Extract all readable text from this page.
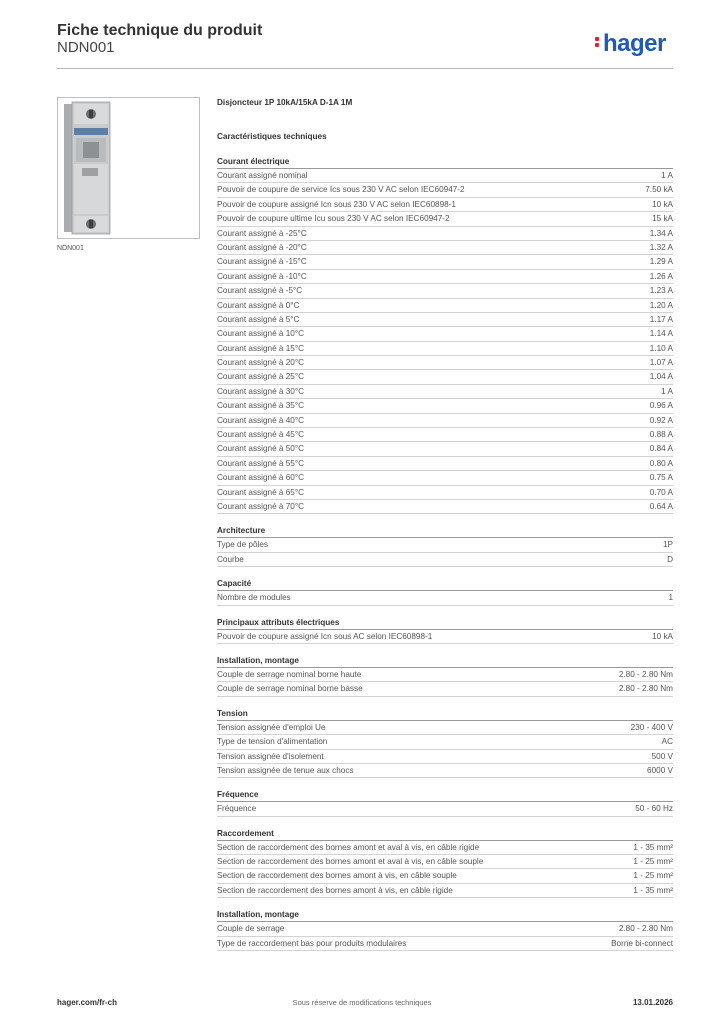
Fiche technique du produit
NDN001	hager
NDN001
Disjoncteur 1P 10kA/15kA D-1A 1M
Caractéristiques techniques
Courant électrique
Courant assigné nominal	1 A
Pouvoir de coupure de service Ics sous 230 V AC selon IEC60947-2	7.50 kA
Pouvoir de coupure assigné Icn sous 230 V AC selon IEC60898-1	10 kA
Pouvoir de coupure ultime Icu sous 230 V AC selon IEC60947-2	15 kA
Courant assigné à -25°C	1.34 A
Courant assigné à -20°C	1.32 A
Courant assigné à -15°C	1.29 A
Courant assigné à -10°C	1.26 A
Courant assigné à -5°C	1.23 A
Courant assigné à 0°C	1.20 A
Courant assigné à 5°C	1.17 A
Courant assigné à 10°C	1.14 A
Courant assigné à 15°C	1.10 A
Courant assigné à 20°C	1.07 A
Courant assigné à 25°C	1.04 A
Courant assigné à 30°C	1 A
Courant assigné à 35°C	0.96 A
Courant assigné à 40°C	0.92 A
Courant assigné à 45°C	0.88 A
Courant assigné à 50°C	0.84 A
Courant assigné à 55°C	0.80 A
Courant assigné à 60°C	0.75 A
Courant assigné à 65°C	0.70 A
Courant assigné à 70°C	0.64 A
Architecture
Type de pôles	1P
Courbe	D
Capacité
Nombre de modules	1
Principaux attributs électriques
Pouvoir de coupure assigné Icn sous AC selon IEC60898-1	10 kA
Installation, montage
Couple de serrage nominal borne haute	2.80 - 2.80 Nm
Couple de serrage nominal borne basse	2.80 - 2.80 Nm
Tension
Tension assignée d'emploi Ue	230 - 400 V
Type de tension d'alimentation	AC
Tension assignée d'isolement	500 V
Tension assignée de tenue aux chocs	6000 V
Fréquence
Fréquence	50 - 60 Hz
Raccordement
Section de raccordement des bornes amont et aval à vis, en câble rigide	1 - 35 mm²
Section de raccordement des bornes amont et aval à vis, en câble souple	1 - 25 mm²
Section de raccordement des bornes amont à vis, en câble souple	1 - 25 mm²
Section de raccordement des bornes amont à vis, en câble rigide	1 - 35 mm²
Installation, montage
Couple de serrage	2.80 - 2.80 Nm
Type de raccordement bas pour produits modulaires	Borne bi-connect
hager.com/fr-ch	Sous réserve de modifications techniques	13.01.2026
